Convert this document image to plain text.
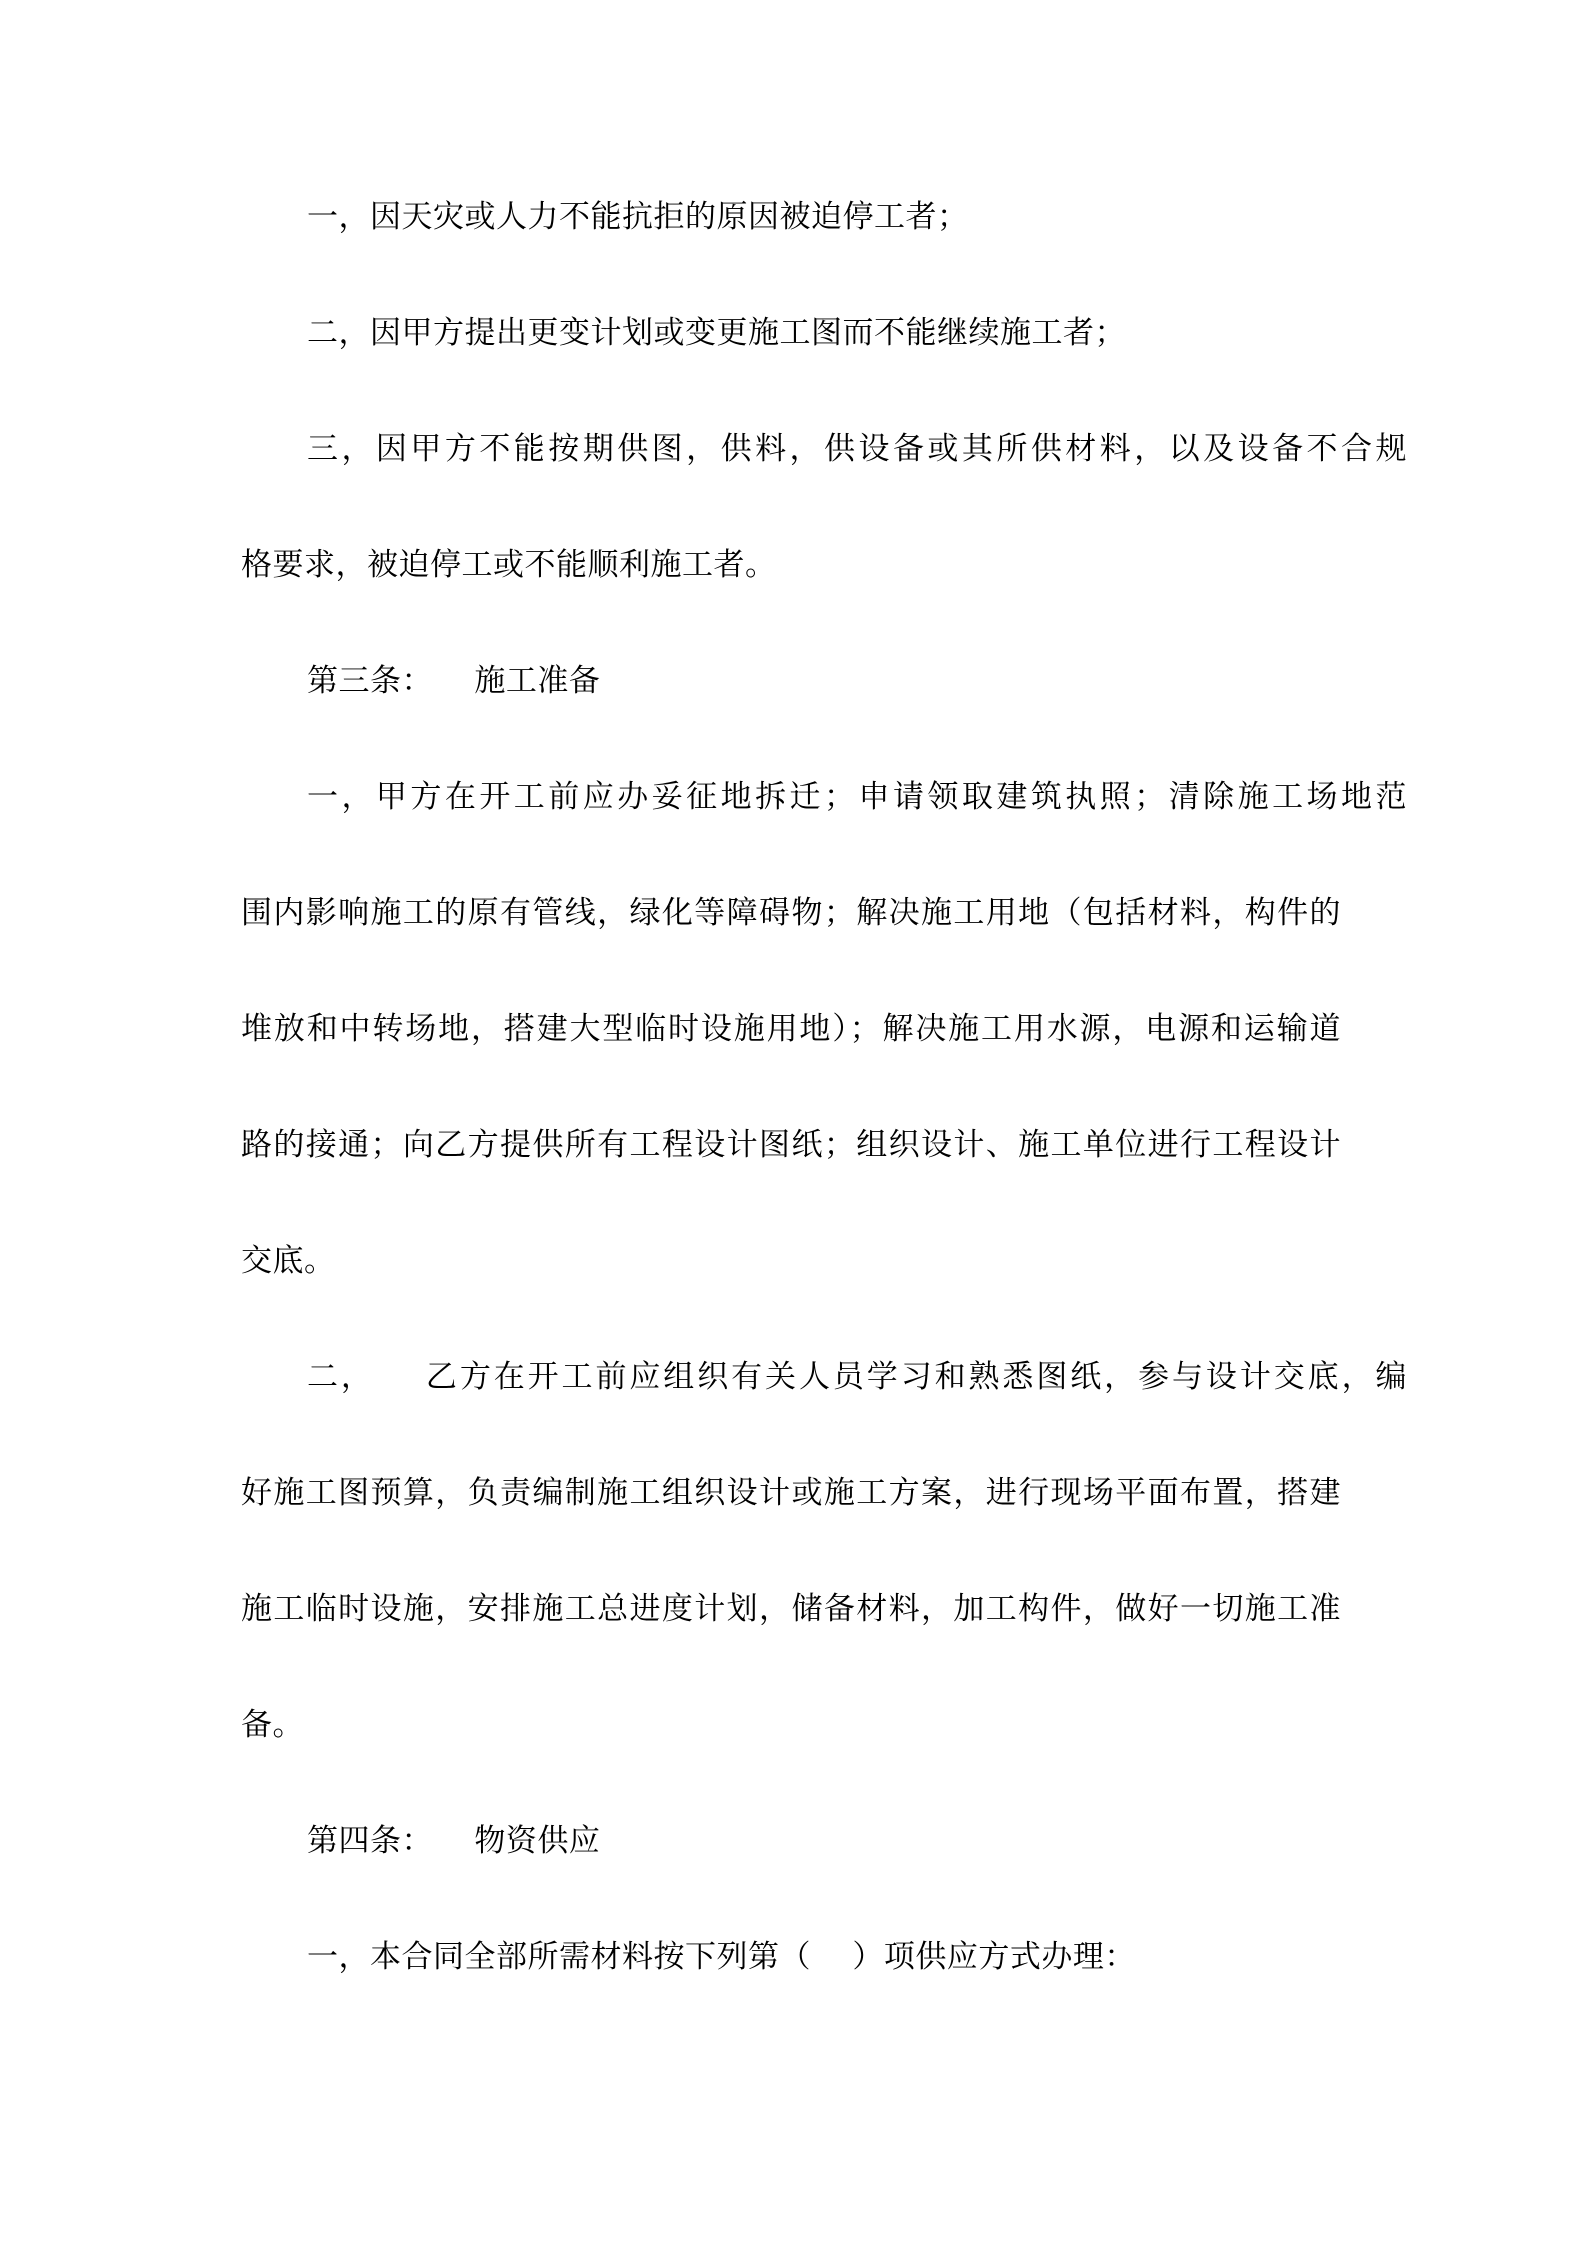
一，因天灾或人力不能抗拒的原因被迫停工者；
二，因甲方提出更变计划或变更施工图而不能继续施工者；
三，因甲方不能按期供图，供料，供设备或其所供材料，以及设备不合规
格要求，被迫停工或不能顺利施工者。
第三条：    施工准备
一，甲方在开工前应办妥征地拆迁；申请领取建筑执照；清除施工场地范
围内影响施工的原有管线，绿化等障碍物；解决施工用地（包括材料，构件的
堆放和中转场地，搭建大型临时设施用地）；解决施工用水源，电源和运输道
路的接通；向乙方提供所有工程设计图纸；组织设计、施工单位进行工程设计
交底。
二，    乙方在开工前应组织有关人员学习和熟悉图纸，参与设计交底，编
好施工图预算，负责编制施工组织设计或施工方案，进行现场平面布置，搭建
施工临时设施，安排施工总进度计划，储备材料，加工构件，做好一切施工准
备。
第四条：    物资供应
一，本合同全部所需材料按下列第（    ）项供应方式办理：
